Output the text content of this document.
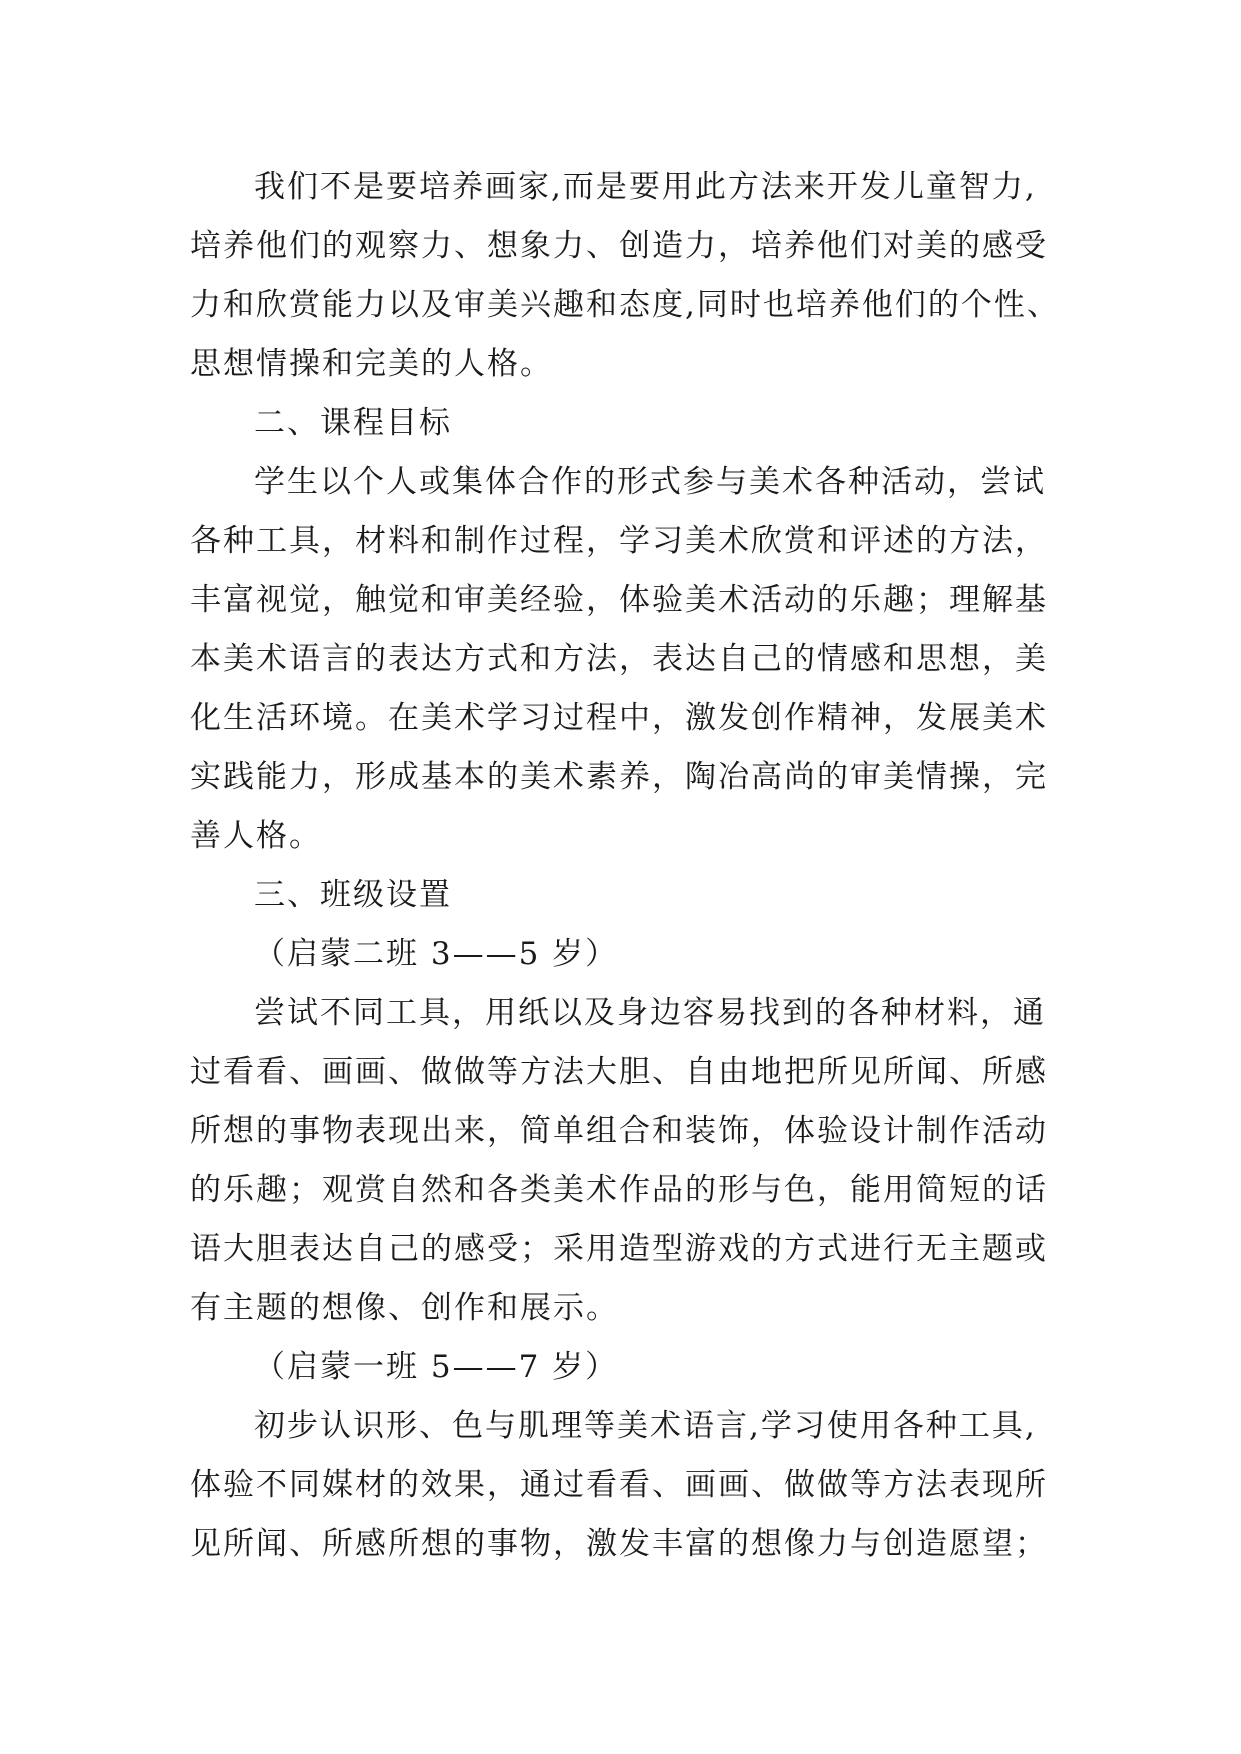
我们不是要培养画家,而是要用此方法来开发儿童智力,
培养他们的观察力、想象力、创造力，培养他们对美的感受
力和欣赏能力以及审美兴趣和态度,同时也培养他们的个性、
思想情操和完美的人格。
二、课程目标
学生以个人或集体合作的形式参与美术各种活动，尝试
各种工具，材料和制作过程，学习美术欣赏和评述的方法，
丰富视觉，触觉和审美经验，体验美术活动的乐趣；理解基
本美术语言的表达方式和方法，表达自己的情感和思想，美
化生活环境。在美术学习过程中，激发创作精神，发展美术
实践能力，形成基本的美术素养，陶冶高尚的审美情操，完
善人格。
三、班级设置
（启蒙二班 3——5 岁）
尝试不同工具，用纸以及身边容易找到的各种材料，通
过看看、画画、做做等方法大胆、自由地把所见所闻、所感
所想的事物表现出来，简单组合和装饰，体验设计制作活动
的乐趣；观赏自然和各类美术作品的形与色，能用简短的话
语大胆表达自己的感受；采用造型游戏的方式进行无主题或
有主题的想像、创作和展示。
（启蒙一班 5——7 岁）
初步认识形、色与肌理等美术语言,学习使用各种工具,
体验不同媒材的效果，通过看看、画画、做做等方法表现所
见所闻、所感所想的事物，激发丰富的想像力与创造愿望；
